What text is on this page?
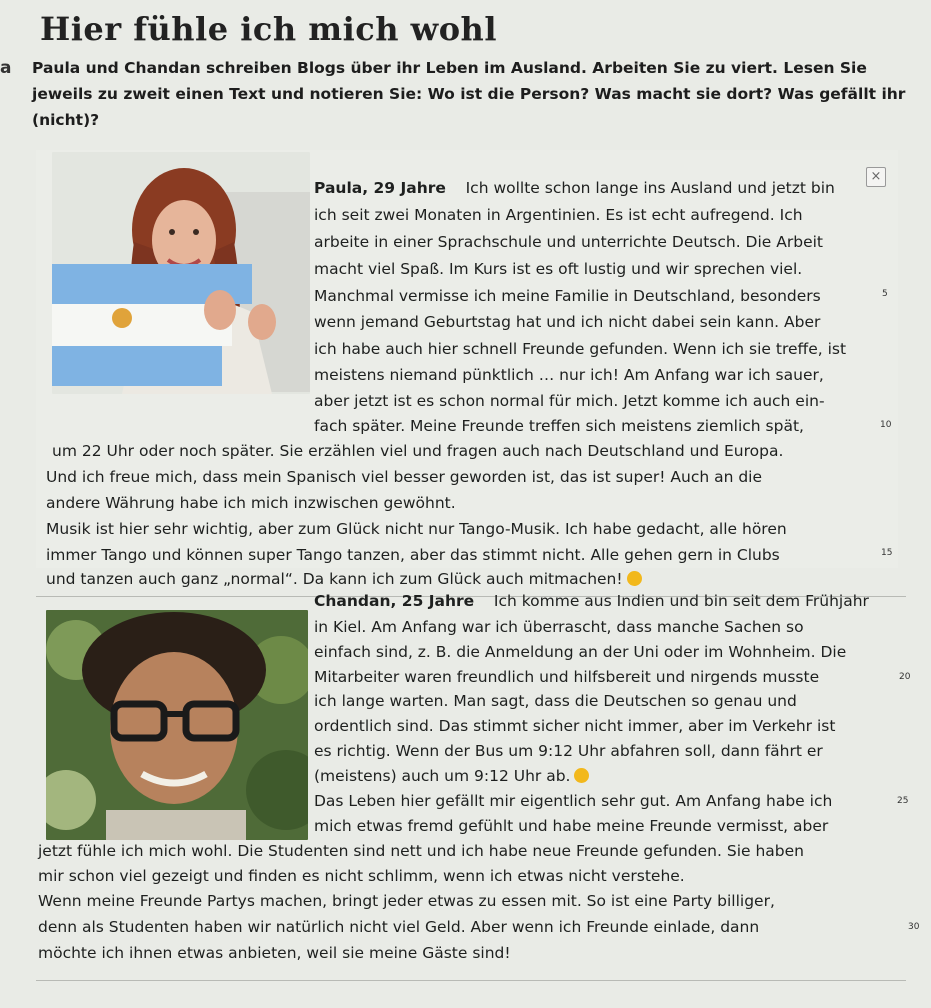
Hier fühle ich mich wohl
a Paula und Chandan schreiben Blogs über ihr Leben im Ausland. Arbeiten Sie zu viert. Lesen Sie jeweils zu zweit einen Text und notieren Sie: Wo ist die Person? Was macht sie dort? Was gefällt ihr (nicht)?

×

Paula, 29 Jahre Ich wollte schon lange ins Ausland und jetzt bin

ich seit zwei Monaten in Argentinien. Es ist echt aufregend. Ich

arbeite in einer Sprachschule und unterrichte Deutsch. Die Arbeit

macht viel Spaß. Im Kurs ist es oft lustig und wir sprechen viel.

Manchmal vermisse ich meine Familie in Deutschland, besonders

wenn jemand Geburtstag hat und ich nicht dabei sein kann. Aber

ich habe auch hier schnell Freunde gefunden. Wenn ich sie treffe, ist

meistens niemand pünktlich … nur ich! Am Anfang war ich sauer,

aber jetzt ist es schon normal für mich. Jetzt komme ich auch ein-

fach später. Meine Freunde treffen sich meistens ziemlich spät,

um 22 Uhr oder noch später. Sie erzählen viel und fragen auch nach Deutschland und Europa.

Und ich freue mich, dass mein Spanisch viel besser geworden ist, das ist super! Auch an die

andere Währung habe ich mich inzwischen gewöhnt.

Musik ist hier sehr wichtig, aber zum Glück nicht nur Tango-Musik. Ich habe gedacht, alle hören

immer Tango und können super Tango tanzen, aber das stimmt nicht. Alle gehen gern in Clubs

und tanzen auch ganz „normal“. Da kann ich zum Glück auch mitmachen!

5
10
15

Chandan, 25 Jahre Ich komme aus Indien und bin seit dem Frühjahr

in Kiel. Am Anfang war ich überrascht, dass manche Sachen so

einfach sind, z. B. die Anmeldung an der Uni oder im Wohnheim. Die

Mitarbeiter waren freundlich und hilfsbereit und nirgends musste

ich lange warten. Man sagt, dass die Deutschen so genau und

ordentlich sind. Das stimmt sicher nicht immer, aber im Verkehr ist

es richtig. Wenn der Bus um 9:12 Uhr abfahren soll, dann fährt er

(meistens) auch um 9:12 Uhr ab.

Das Leben hier gefällt mir eigentlich sehr gut. Am Anfang habe ich

mich etwas fremd gefühlt und habe meine Freunde vermisst, aber

jetzt fühle ich mich wohl. Die Studenten sind nett und ich habe neue Freunde gefunden. Sie haben

mir schon viel gezeigt und finden es nicht schlimm, wenn ich etwas nicht verstehe.

Wenn meine Freunde Partys machen, bringt jeder etwas zu essen mit. So ist eine Party billiger,

denn als Studenten haben wir natürlich nicht viel Geld. Aber wenn ich Freunde einlade, dann

möchte ich ihnen etwas anbieten, weil sie meine Gäste sind!

20
25
30
